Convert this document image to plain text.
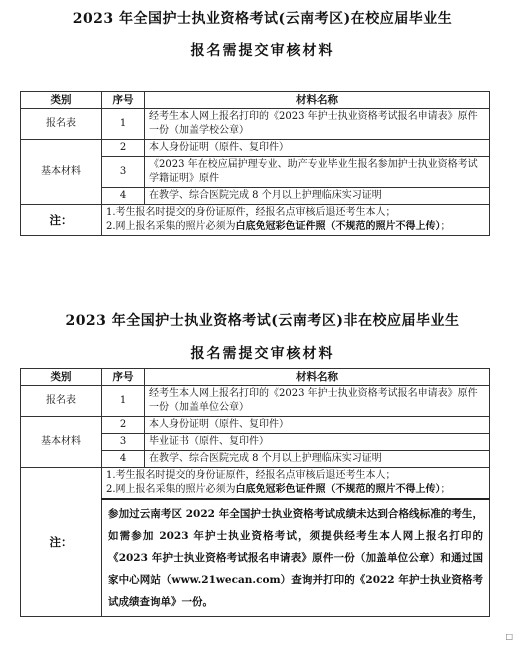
2023 年全国护士执业资格考试(云南考区)在校应届毕业生
报名需提交审核材料
类别	序号	材料名称
报名表	1	经考生本人网上报名打印的《2023 年护士执业资格考试报名申请表》原件一份（加盖学校公章）
基本材料	2	本人身份证明（原件、复印件）
	3	《2023 年在校应届护理专业、助产专业毕业生报名参加护士执业资格考试学籍证明》原件
	4	在教学、综合医院完成 8 个月以上护理临床实习证明
注：	1.考生报名时提交的身份证原件，经报名点审核后退还考生本人；
2.网上报名采集的照片必须为白底免冠彩色证件照（不规范的照片不得上传）；	
2023 年全国护士执业资格考试(云南考区)非在校应届毕业生
报名需提交审核材料
类别	序号	材料名称
报名表	1	经考生本人网上报名打印的《2023 年护士执业资格考试报名申请表》原件一份（加盖单位公章）
基本材料	2	本人身份证明（原件、复印件）
	3	毕业证书（原件、复印件）
	4	在教学、综合医院完成 8 个月以上护理临床实习证明
注：	1.考生报名时提交的身份证原件，经报名点审核后退还考生本人；
2.网上报名采集的照片必须为白底免冠彩色证件照（不规范的照片不得上传）；	

	参加过云南考区 2022 年全国护士执业资格考试成绩未达到合格线标准的考生，如需参加 2023 年护士执业资格考试，须提供经考生本人网上报名打印的《2023 年护士执业资格考试报名申请表》原件一份（加盖单位公章）和通过国家中心网站（www.21wecan.com）查询并打印的《2022 年护士执业资格考试成绩查询单》一份。	
□
